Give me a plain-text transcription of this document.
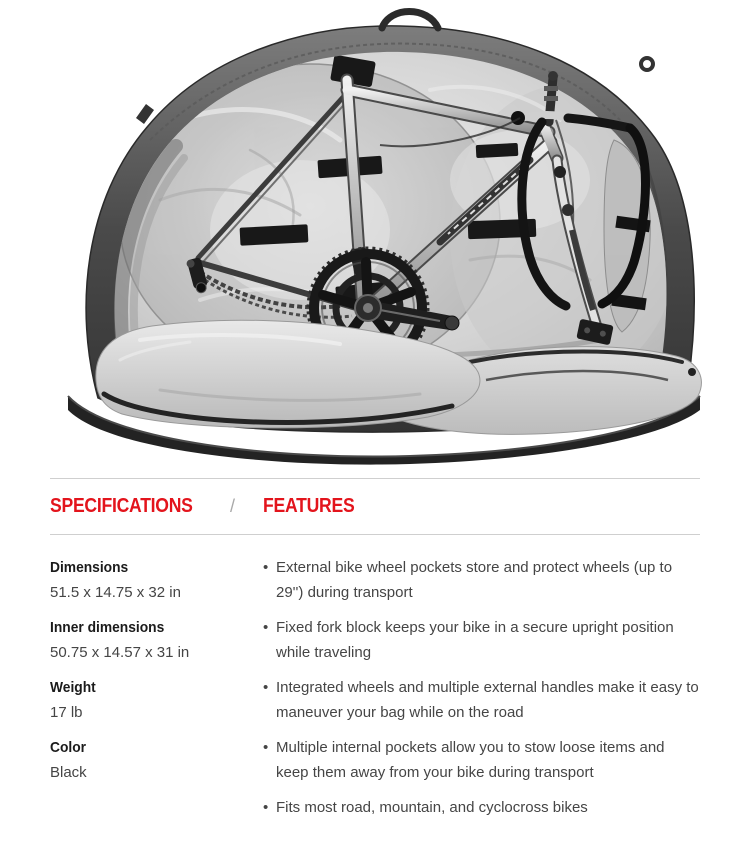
SPECIFICATIONS / FEATURES
Dimensions
51.5 x 14.75 x 32 in
Inner dimensions
50.75 x 14.57 x 31 in
Weight
17 lb
Color
Black
• External bike wheel pockets store and protect wheels (up to 29'') during transport
• Fixed fork block keeps your bike in a secure upright position while traveling
• Integrated wheels and multiple external handles make it easy to maneuver your bag while on the road
• Multiple internal pockets allow you to stow loose items and keep them away from your bike during transport
• Fits most road, mountain, and cyclocross bikes
